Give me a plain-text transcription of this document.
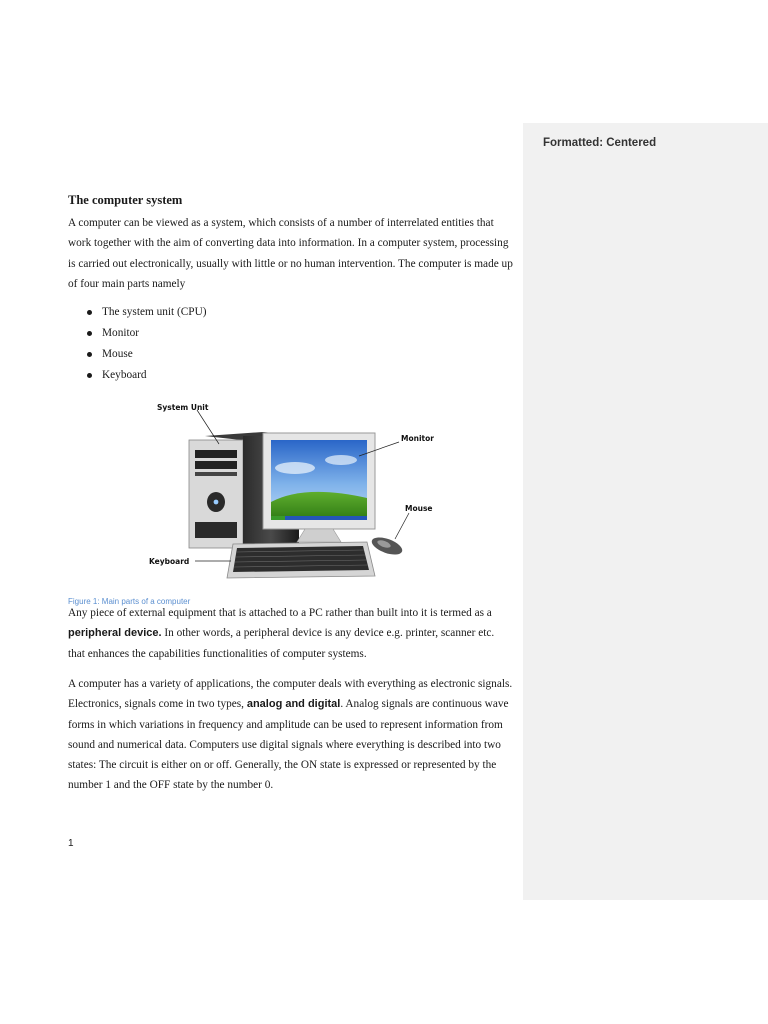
Formatted: Centered
The computer system

A computer can be viewed as a system, which consists of a number of interrelated entities that work together with the aim of converting data into information. In a computer system, processing is carried out electronically, usually with little or no human intervention. The computer is made up of four main parts namely

The system unit (CPU)
Monitor
Mouse
Keyboard
System Unit
Monitor
Mouse
Keyboard
Figure 1: Main parts of a computer

Any piece of external equipment that is attached to a PC rather than built into it is termed as a peripheral device. In other words, a peripheral device is any device e.g. printer, scanner etc. that enhances the capabilities functionalities of computer systems.

A computer has a variety of applications, the computer deals with everything as electronic signals. Electronics, signals come in two types, analog and digital. Analog signals are continuous wave forms in which variations in frequency and amplitude can be used to represent information from sound and numerical data. Computers use digital signals where everything is described into two states: The circuit is either on or off. Generally, the ON state is expressed or represented by the number 1 and the OFF state by the number 0.

1
